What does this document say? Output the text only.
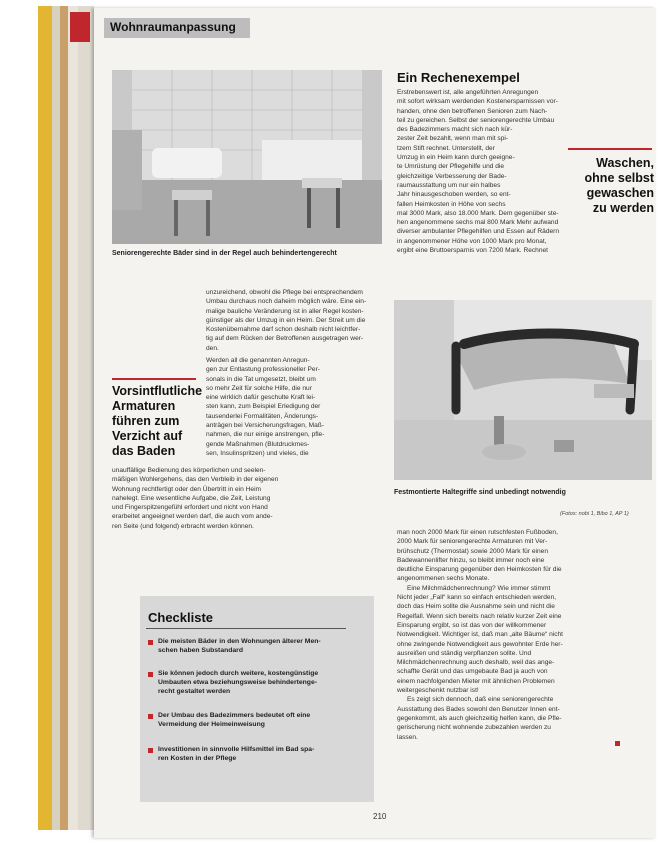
Wohnraumanpassung
Seniorengerechte Bäder sind in der Regel auch behindertengerecht
Ein Rechenexempel
Erstrebenswert ist, alle angeführten Anregungen
mit sofort wirksam werdenden Kostenersparnissen vor-
handen, ohne den betroffenen Senioren zum Nach-
teil zu gereichen. Selbst der seniorengerechte Umbau
des Badezimmers macht sich nach kür-
zester Zeit bezahlt, wenn man mit spi-
tzem Stift rechnet. Unterstellt, der
Umzug in ein Heim kann durch geeigne-
te Umrüstung der Pflegehilfe und die
gleichzeitige Verbesserung der Bade-
raumausstattung um nur ein halbes
Jahr hinausgeschoben werden, so ent-
fallen Heimkosten in Höhe von sechs
mal 3000 Mark, also 18.000 Mark. Dem gegenüber ste-
hen angenommene sechs mal 800 Mark Mehr aufwand
diverser ambulanter Pflegehilfen und Essen auf Rädern
in angenommener Höhe von 1000 Mark pro Monat,
ergibt eine Bruttoersparnis von 7200 Mark. Rechnet
Waschen, ohne selbst gewaschen zu werden
Festmontierte Haltegriffe sind unbedingt notwendig
(Fotos: nobi 1, Bibo 1, AP 1)
unzureichend, obwohl die Pflege bei entsprechendem
Umbau durchaus noch daheim möglich wäre. Eine ein-
malige bauliche Veränderung ist in aller Regel kosten-
günstiger als der Umzug in ein Heim. Der Streit um die
Kostenübernahme darf schon deshalb nicht leichtfer-
tig auf dem Rücken der Betroffenen ausgetragen wer-
den.
Vorsintflutliche Armaturen führen zum Verzicht auf das Baden
Werden all die genannten Anregun-
gen zur Entlastung professioneller Per-
sonals in die Tat umgesetzt, bleibt um
so mehr Zeit für solche Hilfe, die nur
eine wirklich dafür geschulte Kraft lei-
sten kann, zum Beispiel Erledigung der
tausenderlei Formalitäten, Änderungs-
anträgen bei Versicherungsfragen, Maß-
nahmen, die nur einige anstrengen, pfle-
gende Maßnahmen (Blutdruckmes-
sen, Insulinspritzen) und vieles, die
unauffällige Bedienung des körperlichen und seelen-
mäßigen Wohlergehens, das den Verbleib in der eigenen
Wohnung rechtfertigt oder den Übertritt in ein Heim
nahelegt. Eine wesentliche Aufgabe, die Zeit, Leistung
und Fingerspitzengefühl erfordert und nicht von Hand
erarbeitet angeeignet werden darf, die auch vom ande-
ren Seite (und folgend) erbracht werden können.
man noch 2000 Mark für einen rutschfesten Fußboden,
2000 Mark für seniorengerechte Armaturen mit Ver-
brühschutz (Thermostat) sowie 2000 Mark für einen
Badewannenlifter hinzu, so bleibt immer noch eine
deutliche Einsparung gegenüber den Heimkosten für die
angenommenen sechs Monate.
Eine Milchmädchenrechnung? Wie immer stimmt
Nicht jeder „Fall“ kann so einfach entschieden werden,
doch das Heim sollte die Ausnahme sein und nicht die
Regelfall. Wenn sich bereits nach relativ kurzer Zeit eine
Einsparung ergibt, so ist das von der willkommener
Notwendigkeit. Wichtiger ist, daß man „alte Bäume“ nicht
ohne zwingende Notwendigkeit aus gewohnter Erde her-
ausreißen und ständig verpflanzen sollte. Und
Milchmädchenrechnung auch deshalb, weil das ange-
schaffte Gerät und das umgebaute Bad ja auch von
einem nachfolgenden Mieter mit ähnlichen Problemen
weitergeschenkt nutzbar ist!
Es zeigt sich dennoch, daß eine seniorengerechte
Ausstattung des Bades sowohl den Benutzer Innen ent-
gegenkommt, als auch gleichzeitig helfen kann, die Pfle-
gerischerung nicht wohnende zubezahlen werden zu
lassen.
Checkliste
Die meisten Bäder in den Wohnungen älterer Men-
schen haben Substandard
Sie können jedoch durch weitere, kostengünstige
Umbauten etwa beziehungsweise behindertenge-
recht gestaltet werden
Der Umbau des Badezimmers bedeutet oft eine
Vermeidung der Heimeinweisung
Investitionen in sinnvolle Hilfsmittel im Bad spa-
ren Kosten in der Pflege
210
